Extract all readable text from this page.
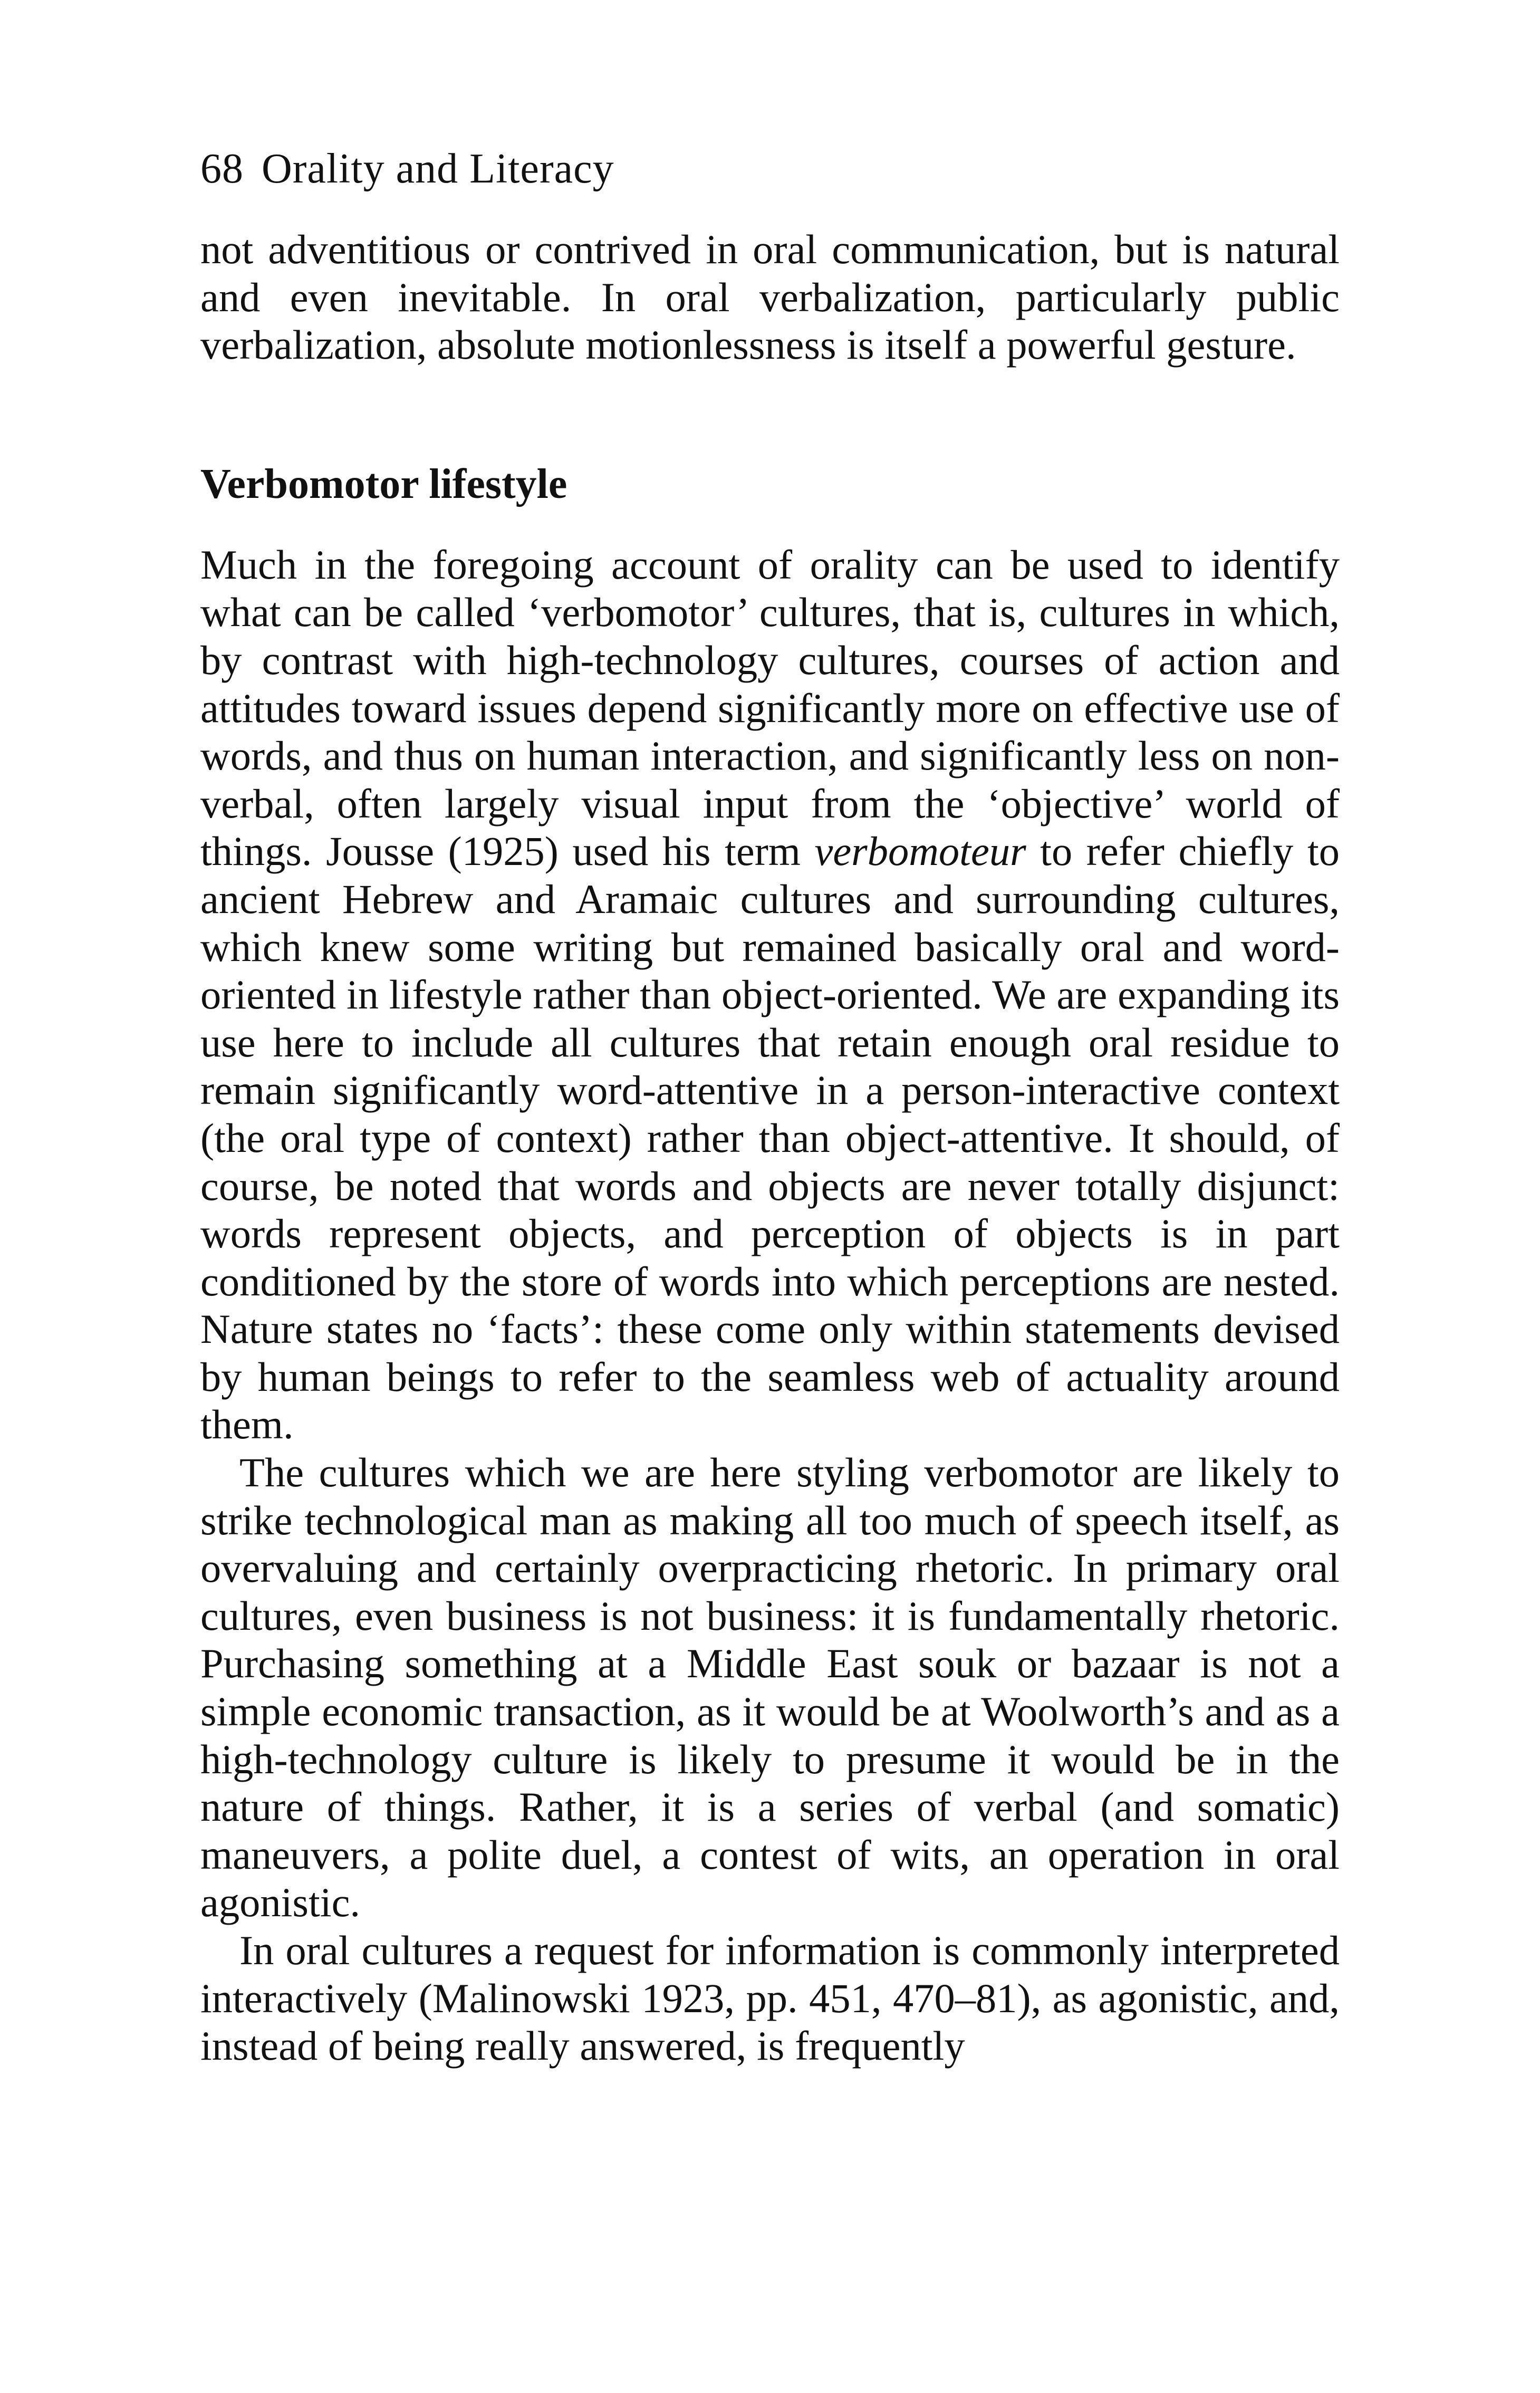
68 Orality and Literacy

not adventitious or contrived in oral communication, but is natural and even inevitable. In oral verbalization, particularly public verbalization, absolute motionlessness is itself a powerful gesture.

Verbomotor lifestyle

Much in the foregoing account of orality can be used to identify what can be called ‘verbomotor’ cultures, that is, cultures in which, by contrast with high-technology cultures, courses of action and attitudes toward issues depend significantly more on effective use of words, and thus on human interaction, and significantly less on non-verbal, often largely visual input from the ‘objective’ world of things. Jousse (1925) used his term verbomoteur to refer chiefly to ancient Hebrew and Aramaic cultures and surrounding cultures, which knew some writing but remained basically oral and word-oriented in lifestyle rather than object-oriented. We are expanding its use here to include all cultures that retain enough oral residue to remain significantly word-attentive in a person-interactive context (the oral type of context) rather than object-attentive. It should, of course, be noted that words and objects are never totally disjunct: words represent objects, and perception of objects is in part conditioned by the store of words into which perceptions are nested. Nature states no ‘facts’: these come only within statements devised by human beings to refer to the seamless web of actuality around them.

The cultures which we are here styling verbomotor are likely to strike technological man as making all too much of speech itself, as overvaluing and certainly overpracticing rhetoric. In primary oral cultures, even business is not business: it is fundamentally rhetoric. Purchasing something at a Middle East souk or bazaar is not a simple economic transaction, as it would be at Woolworth’s and as a high-technology culture is likely to presume it would be in the nature of things. Rather, it is a series of verbal (and somatic) maneuvers, a polite duel, a contest of wits, an operation in oral agonistic.

In oral cultures a request for information is commonly interpreted interactively (Malinowski 1923, pp. 451, 470–81), as agonistic, and, instead of being really answered, is frequently
